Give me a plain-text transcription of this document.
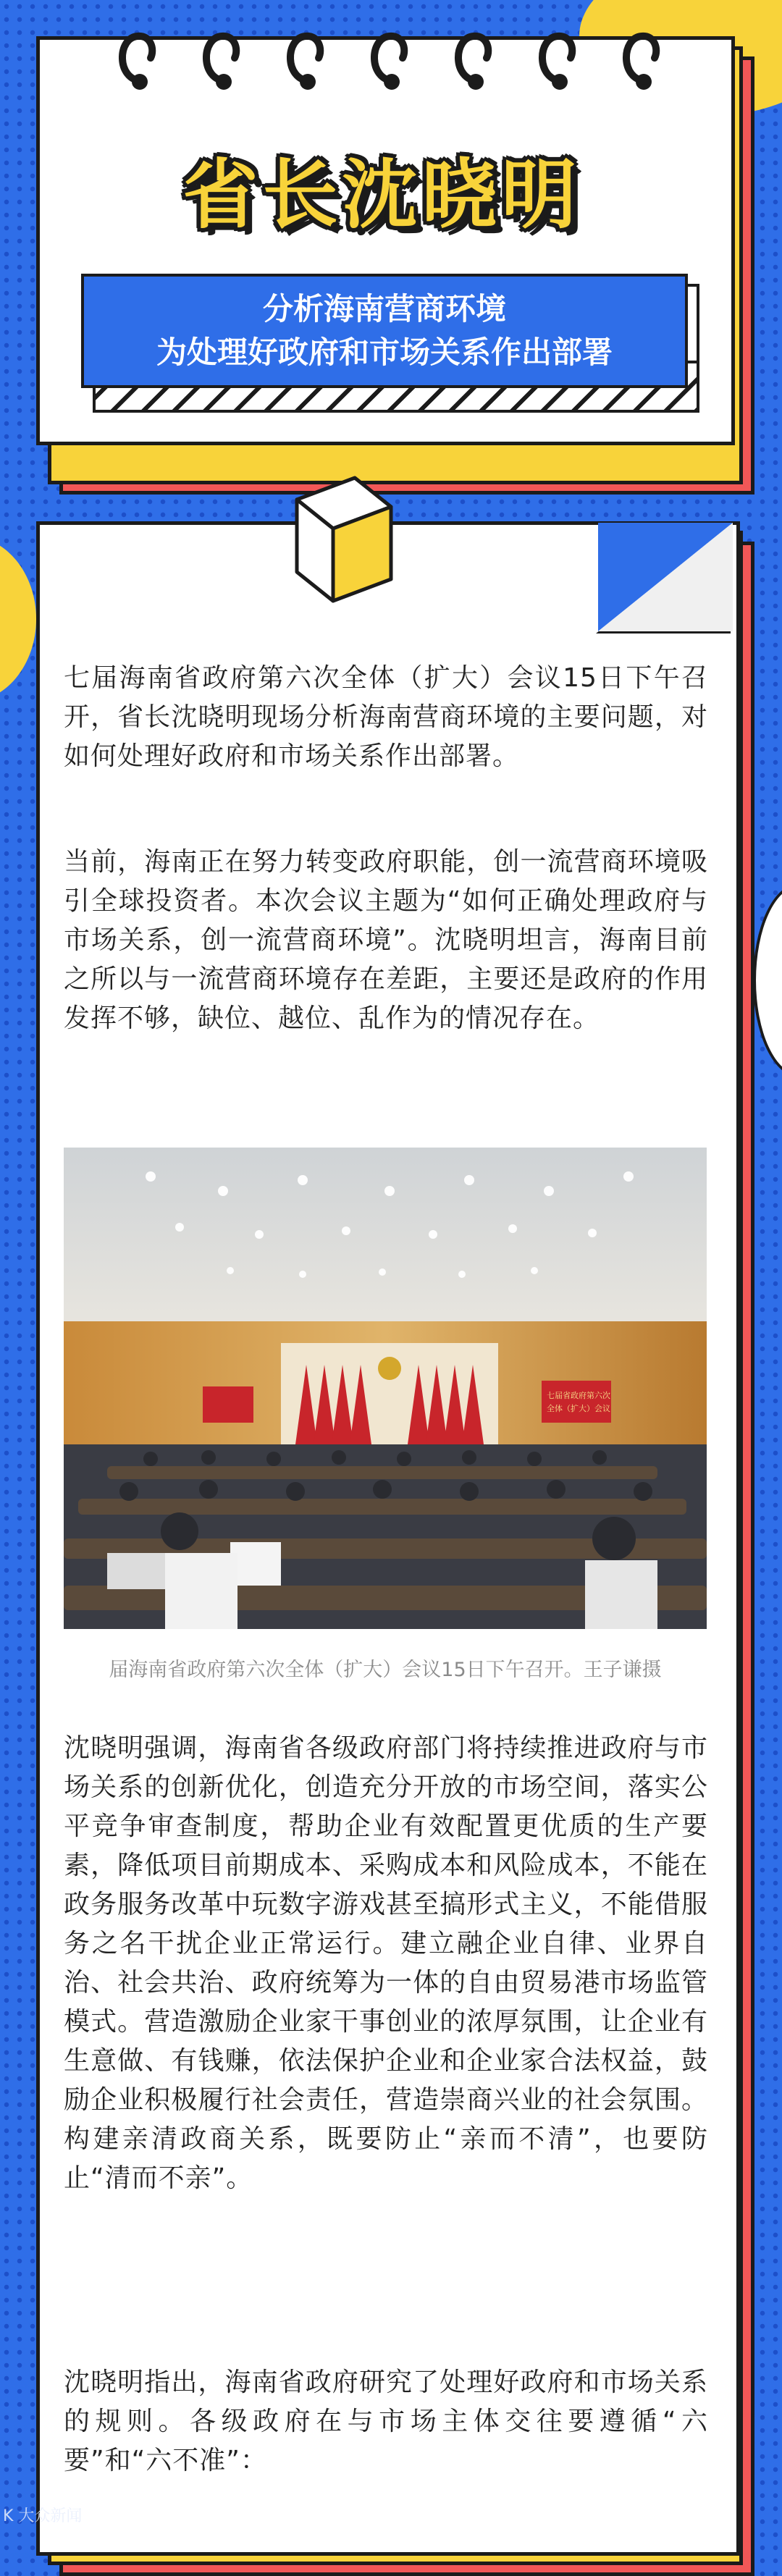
省长沈晓明
分析海南营商环境
为处理好政府和市场关系作出部署

七届海南省政府第六次全体（扩大）会议15日下午召开，省长沈晓明现场分析海南营商环境的主要问题，对如何处理好政府和市场关系作出部署。

当前，海南正在努力转变政府职能，创一流营商环境吸引全球投资者。本次会议主题为“如何正确处理政府与市场关系，创一流营商环境”。沈晓明坦言，海南目前之所以与一流营商环境存在差距，主要还是政府的作用发挥不够，缺位、越位、乱作为的情况存在。

七届省政府第六次
全体（扩大）会议
届海南省政府第六次全体（扩大）会议15日下午召开。王子谦摄

沈晓明强调，海南省各级政府部门将持续推进政府与市场关系的创新优化，创造充分开放的市场空间，落实公平竞争审查制度，帮助企业有效配置更优质的生产要素，降低项目前期成本、采购成本和风险成本，不能在政务服务改革中玩数字游戏甚至搞形式主义，不能借服务之名干扰企业正常运行。建立融企业自律、业界自治、社会共治、政府统筹为一体的自由贸易港市场监管模式。营造激励企业家干事创业的浓厚氛围，让企业有生意做、有钱赚，依法保护企业和企业家合法权益，鼓励企业积极履行社会责任，营造崇商兴业的社会氛围。构建亲清政商关系，既要防止“亲而不清”，也要防止“清而不亲”。

沈晓明指出，海南省政府研究了处理好政府和市场关系的规则。各级政府在与市场主体交往要遵循“六要”和“六不准”：

K 大众新闻
